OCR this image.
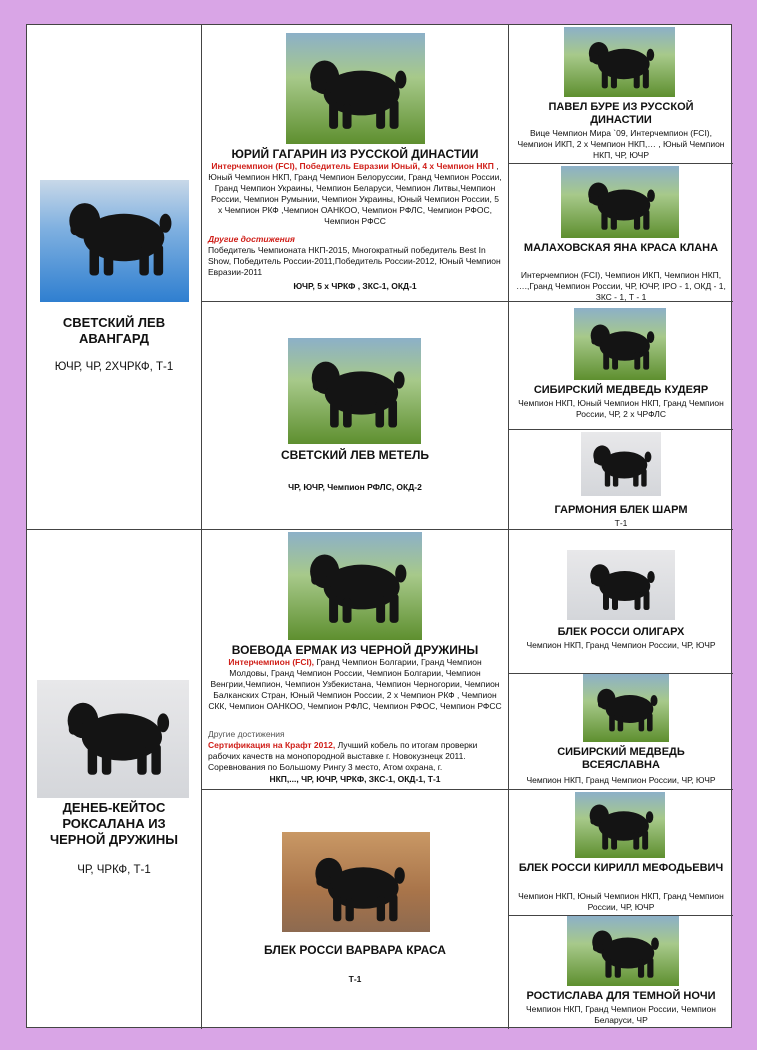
СВЕТСКИЙ ЛЕВ АВАНГАРД
ЮЧР, ЧР, 2ХЧРКФ, Т-1
ДЕНЕБ-КЕЙТОС РОКСАЛАНА ИЗ ЧЕРНОЙ ДРУЖИНЫ
ЧР, ЧРКФ, Т-1
ЮРИЙ ГАГАРИН ИЗ РУССКОЙ ДИНАСТИИ
Интерчемпион (FCI), Победитель Евразии Юный, 4 х Чемпион НКП , Юный Чемпион НКП, Гранд Чемпион Белоруссии, Гранд Чемпион России, Гранд Чемпион Украины, Чемпион Беларуси, Чемпион Литвы,Чемпион России, Чемпион Румынии, Чемпион Украины, Юный Чемпион России, 5 х Чемпион РКФ ,Чемпион ОАНКОО, Чемпион РФЛС, Чемпион РФОС, Чемпион РФСС
Другие достижения
Победитель Чемпионата НКП-2015, Многократный победитель Best In Show, Победитель России-2011,Победитель России-2012, Юный Чемпион Евразии-2011
ЮЧР, 5 х ЧРКФ , ЗКС-1, ОКД-1
СВЕТСКИЙ ЛЕВ МЕТЕЛЬ
ЧР, ЮЧР, Чемпион РФЛС, ОКД-2
ВОЕВОДА ЕРМАК ИЗ ЧЕРНОЙ ДРУЖИНЫ
Интерчемпион (FCI), Гранд Чемпион Болгарии, Гранд Чемпион Молдовы, Гранд Чемпион России, Чемпион Болгарии, Чемпион Венгрии,Чемпион, Чемпион Узбекистана, Чемпион Черногории, Чемпион Балканских Стран, Юный Чемпион России, 2 х Чемпион РКФ , Чемпион СКК, Чемпион ОАНКОО, Чемпион РФЛС, Чемпион РФОС, Чемпион РФСС
Другие достижения
Сертификация на Крафт 2012, Лучший кобель по итогам проверки рабочих качеств на монопородной выставке г. Новокузнецк 2011. Соревнования по Большому Рингу 3 место, Атом охрана, г.
НКП,..., ЧР, ЮЧР, ЧРКФ, ЗКС-1, ОКД-1, Т-1
БЛЕК РОССИ ВАРВАРА КРАСА
Т-1
ПАВЕЛ БУРЕ ИЗ РУССКОЙ ДИНАСТИИ
Вице Чемпион Мира `09, Интерчемпион (FCI), Чемпион ИКП, 2 х Чемпион НКП,… , Юный Чемпион НКП, ЧР, ЮЧР
МАЛАХОВСКАЯ ЯНА КРАСА КЛАНА
Интерчемпион (FCI), Чемпион ИКП, Чемпион НКП, ….,Гранд Чемпион России, ЧР, ЮЧР, IPO - 1, ОКД - 1, ЗКС - 1, Т - 1
СИБИРСКИЙ МЕДВЕДЬ КУДЕЯР
Чемпион НКП, Юный Чемпион НКП, Гранд Чемпион России, ЧР, 2 х ЧРФЛС
ГАРМОНИЯ БЛЕК ШАРМ
Т-1
БЛЕК РОССИ ОЛИГАРХ
Чемпион НКП, Гранд Чемпион России, ЧР, ЮЧР
СИБИРСКИЙ МЕДВЕДЬ ВСЕЯСЛАВНА
Чемпион НКП, Гранд Чемпион России, ЧР, ЮЧР
БЛЕК РОССИ КИРИЛЛ МЕФОДЬЕВИЧ
Чемпион НКП, Юный Чемпион НКП, Гранд Чемпион России, ЧР, ЮЧР
РОСТИСЛАВА ДЛЯ ТЕМНОЙ НОЧИ
Чемпион НКП, Гранд Чемпион России, Чемпион Беларуси, ЧР
